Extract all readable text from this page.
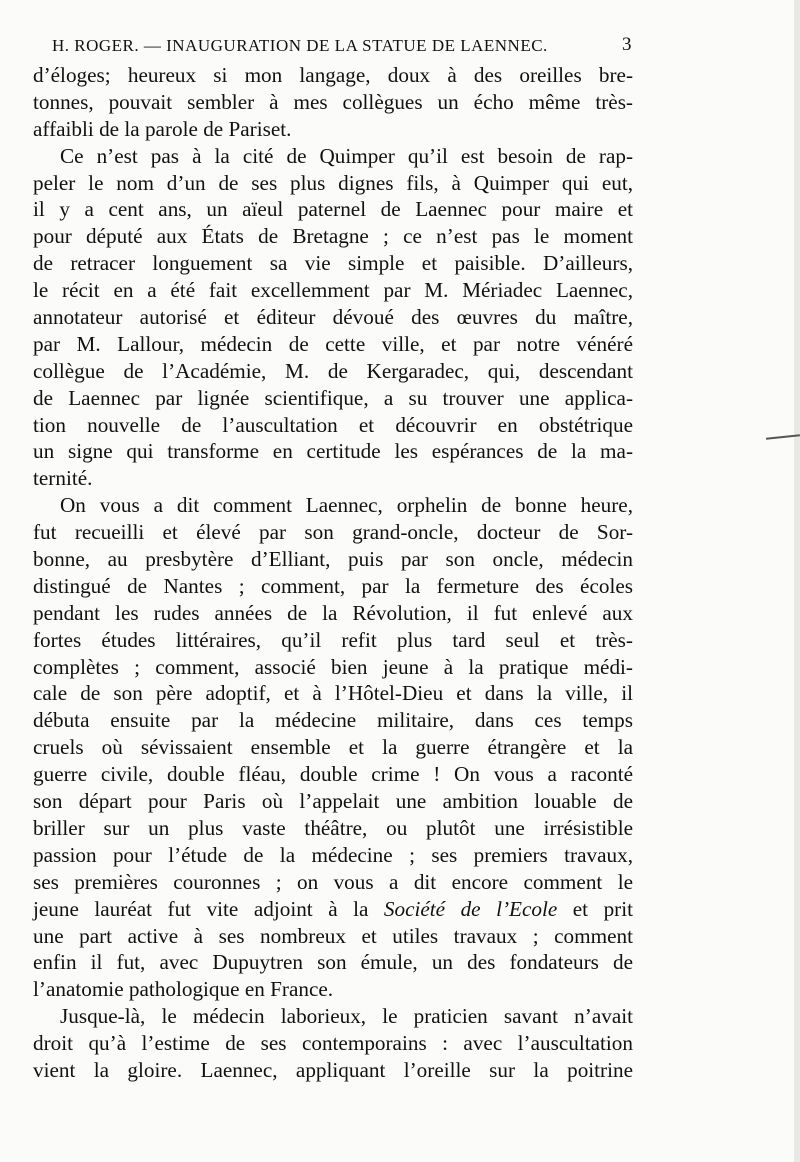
H. ROGER. — INAUGURATION DE LA STATUE DE LAENNEC.	3
d’éloges; heureux si mon langage, doux à des oreilles bre-
tonnes, pouvait sembler à mes collègues un écho même très-
affaibli de la parole de Pariset.
Ce n’est pas à la cité de Quimper qu’il est besoin de rap-
peler le nom d’un de ses plus dignes fils, à Quimper qui eut,
il y a cent ans, un aïeul paternel de Laennec pour maire et
pour député aux États de Bretagne ; ce n’est pas le moment
de retracer longuement sa vie simple et paisible. D’ailleurs,
le récit en a été fait excellemment par M. Mériadec Laennec,
annotateur autorisé et éditeur dévoué des œuvres du maître,
par M. Lallour, médecin de cette ville, et par notre vénéré
collègue de l’Académie, M. de Kergaradec, qui, descendant
de Laennec par lignée scientifique, a su trouver une applica-
tion nouvelle de l’auscultation et découvrir en obstétrique
un signe qui transforme en certitude les espérances de la ma-
ternité.
On vous a dit comment Laennec, orphelin de bonne heure,
fut recueilli et élevé par son grand-oncle, docteur de Sor-
bonne, au presbytère d’Elliant, puis par son oncle, médecin
distingué de Nantes ; comment, par la fermeture des écoles
pendant les rudes années de la Révolution, il fut enlevé aux
fortes études littéraires, qu’il refit plus tard seul et très-
complètes ; comment, associé bien jeune à la pratique médi-
cale de son père adoptif, et à l’Hôtel-Dieu et dans la ville, il
débuta ensuite par la médecine militaire, dans ces temps
cruels où sévissaient ensemble et la guerre étrangère et la
guerre civile, double fléau, double crime ! On vous a raconté
son départ pour Paris où l’appelait une ambition louable de
briller sur un plus vaste théâtre, ou plutôt une irrésistible
passion pour l’étude de la médecine ; ses premiers travaux,
ses premières couronnes ; on vous a dit encore comment le
jeune lauréat fut vite adjoint à la Société de l’Ecole et prit
une part active à ses nombreux et utiles travaux ; comment
enfin il fut, avec Dupuytren son émule, un des fondateurs de
l’anatomie pathologique en France.
Jusque-là, le médecin laborieux, le praticien savant n’avait
droit qu’à l’estime de ses contemporains : avec l’auscultation
vient la gloire. Laennec, appliquant l’oreille sur la poitrine
